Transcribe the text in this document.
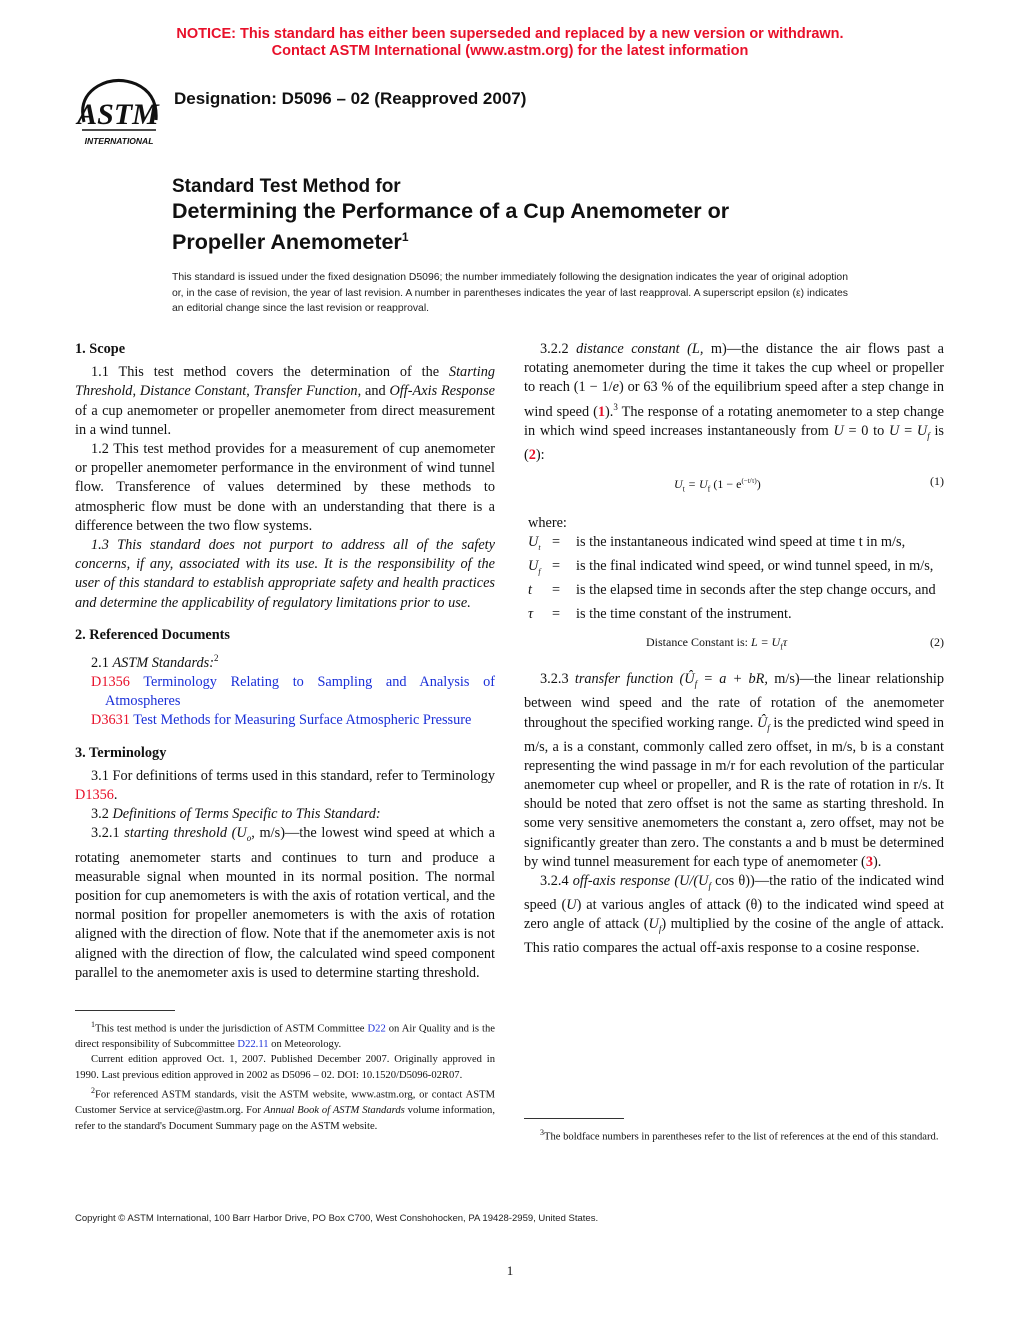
NOTICE: This standard has either been superseded and replaced by a new version or withdrawn.
Contact ASTM International (www.astm.org) for the latest information
ASTM
INTERNATIONAL
Designation: D5096 – 02 (Reapproved 2007)
Standard Test Method for
Determining the Performance of a Cup Anemometer or
Propeller Anemometer$^1$
This standard is issued under the fixed designation D5096; the number immediately following the designation indicates the year of original adoption or, in the case of revision, the year of last revision. A number in parentheses indicates the year of last reapproval. A superscript epsilon (ε) indicates an editorial change since the last revision or reapproval.

1. Scope

1.1 This test method covers the determination of the Starting Threshold, Distance Constant, Transfer Function, and Off-Axis Response of a cup anemometer or propeller anemometer from direct measurement in a wind tunnel.

1.2 This test method provides for a measurement of cup anemometer or propeller anemometer performance in the environment of wind tunnel flow. Transference of values determined by these methods to atmospheric flow must be done with an understanding that there is a difference between the two flow systems.

1.3 This standard does not purport to address all of the safety concerns, if any, associated with its use. It is the responsibility of the user of this standard to establish appropriate safety and health practices and determine the applicability of regulatory limitations prior to use.

2. Referenced Documents

2.1 ASTM Standards:$^2$

D1356 Terminology Relating to Sampling and Analysis of Atmospheres

D3631 Test Methods for Measuring Surface Atmospheric Pressure

3. Terminology

3.1 For definitions of terms used in this standard, refer to Terminology D1356.

3.2 Definitions of Terms Specific to This Standard:

3.2.1 starting threshold ($U_o$, m/s)—the lowest wind speed at which a rotating anemometer starts and continues to turn and produce a measurable signal when mounted in its normal position. The normal position for cup anemometers is with the axis of rotation vertical, and the normal position for propeller anemometers is with the axis of rotation aligned with the direction of flow. Note that if the anemometer axis is not aligned with the direction of flow, the calculated wind speed component parallel to the anemometer axis is used to determine starting threshold.

3.2.2 distance constant (L, m)—the distance the air flows past a rotating anemometer during the time it takes the cup wheel or propeller to reach (1 − 1/e) or 63 % of the equilibrium speed after a step change in wind speed (1).$^3$ The response of a rotating anemometer to a step change in which wind speed increases instantaneously from U = 0 to $U = U_f$ is (2):

$U_t = U_f$ $(1 - e^{(-t/\tau)})$	(1)

where:

$U_t$ =	is the instantaneous indicated wind speed at time t in m/s,
$U_f$ =	is the final indicated wind speed, or wind tunnel speed, in m/s,
t	=	is the elapsed time in seconds after the step change occurs, and
τ	=	is the time constant of the instrument.
Distance Constant is: $L = U_f\tau$	(2)

3.2.3 transfer function ($Û_f = a$ + bR, m/s)—the linear relationship between wind speed and the rate of rotation of the anemometer throughout the specified working range. $Û_f$ is the predicted wind speed in m/s, a is a constant, commonly called zero offset, in m/s, b is a constant representing the wind passage in m/r for each revolution of the particular anemometer cup wheel or propeller, and R is the rate of rotation in r/s. It should be noted that zero offset is not the same as starting threshold. In some very sensitive anemometers the constant a, zero offset, may not be significantly greater than zero. The constants a and b must be determined by wind tunnel measurement for each type of anemometer (3).

3.2.4 off-axis response ($U/(U_f$ cos θ))—the ratio of the indicated wind speed (U) at various angles of attack (θ) to the indicated wind speed at zero angle of attack $(U_f)$ multiplied by the cosine of the angle of attack. This ratio compares the actual off-axis response to a cosine response.

$^1$This test method is under the jurisdiction of ASTM Committee D22 on Air Quality and is the direct responsibility of Subcommittee D22.11 on Meteorology.

Current edition approved Oct. 1, 2007. Published December 2007. Originally approved in 1990. Last previous edition approved in 2002 as D5096 – 02. DOI: 10.1520/D5096-02R07.

$^2$For referenced ASTM standards, visit the ASTM website, www.astm.org, or contact ASTM Customer Service at service@astm.org. For Annual Book of ASTM Standards volume information, refer to the standard's Document Summary page on the ASTM website.

$^3$The boldface numbers in parentheses refer to the list of references at the end of this standard.

Copyright © ASTM International, 100 Barr Harbor Drive, PO Box C700, West Conshohocken, PA 19428-2959, United States.
1
